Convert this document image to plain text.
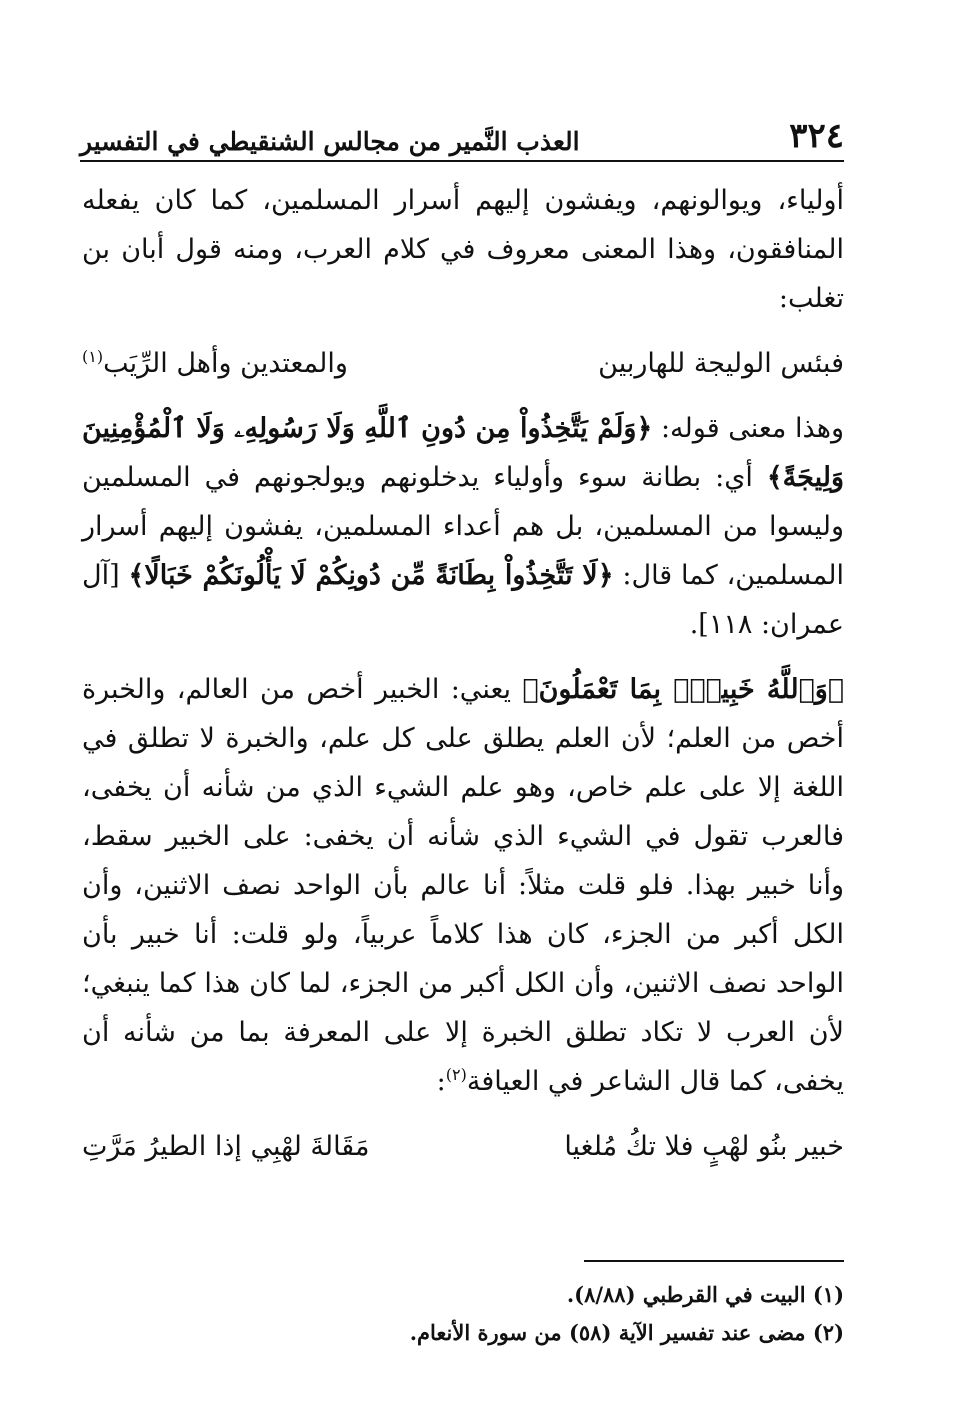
٣٢٤
العذب النَّمير من مجالس الشنقيطي في التفسير

أولياء، ويوالونهم، ويفشون إليهم أسرار المسلمين، كما كان يفعله المنافقون، وهذا المعنى معروف في كلام العرب، ومنه قول أبان بن تغلب:

فبئس الوليجة للهاربين
والمعتدين وأهل الرِّيَب$^{(١)}$

وهذا معنى قوله: ﴿وَلَمْ يَتَّخِذُواْ مِن دُونِ ٱللَّهِ وَلَا رَسُولِهِۦ وَلَا ٱلْمُؤْمِنِينَ وَلِيجَةً﴾ أي: بطانة سوء وأولياء يدخلونهم ويولجونهم في المسلمين وليسوا من المسلمين، بل هم أعداء المسلمين، يفشون إليهم أسرار المسلمين، كما قال: ﴿لَا تَتَّخِذُواْ بِطَانَةً مِّن دُونِكُمْ لَا يَأْلُونَكُمْ خَبَالًا﴾ [آل عمران: ١١٨].

﴿وَٱللَّهُ خَبِيرٌۢ بِمَا تَعْمَلُونَ﴾ يعني: الخبير أخص من العالم، والخبرة أخص من العلم؛ لأن العلم يطلق على كل علم، والخبرة لا تطلق في اللغة إلا على علم خاص، وهو علم الشيء الذي من شأنه أن يخفى، فالعرب تقول في الشيء الذي شأنه أن يخفى: على الخبير سقط، وأنا خبير بهذا. فلو قلت مثلاً: أنا عالم بأن الواحد نصف الاثنين، وأن الكل أكبر من الجزء، كان هذا كلاماً عربياً، ولو قلت: أنا خبير بأن الواحد نصف الاثنين، وأن الكل أكبر من الجزء، لما كان هذا كما ينبغي؛ لأن العرب لا تكاد تطلق الخبرة إلا على المعرفة بما من شأنه أن يخفى، كما قال الشاعر في العيافة$^{(٢)}$:

خبير بنُو لهْبٍ فلا تكُ مُلغيا
مَقَالةَ لهْبِي إذا الطيرُ مَرَّتِ

(١) البيت في القرطبي (٨/٨٨).

(٢) مضى عند تفسير الآية (٥٨) من سورة الأنعام.
